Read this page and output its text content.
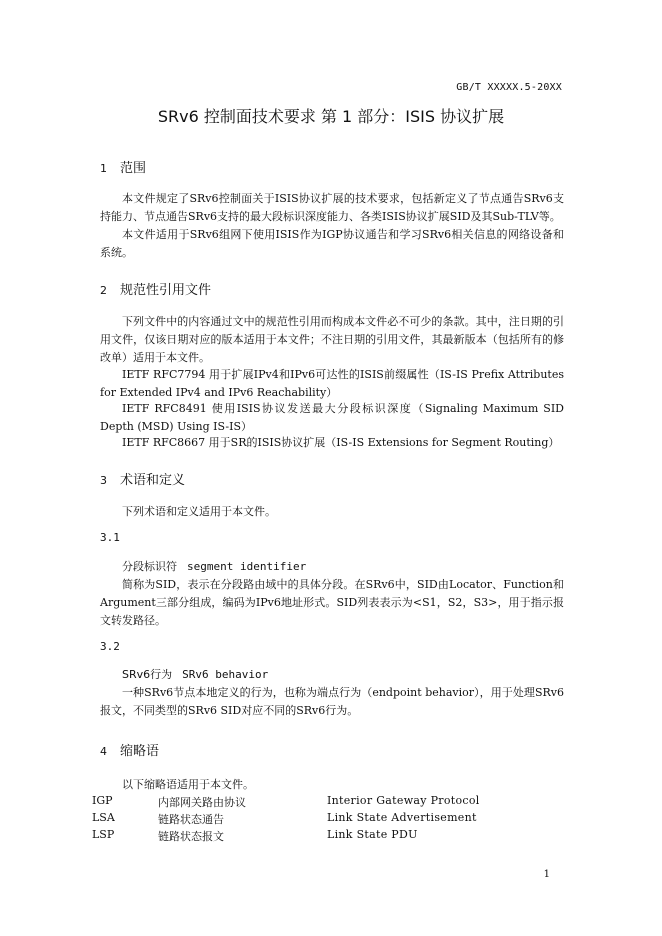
GB/T XXXXX.5-20XX
SRv6 控制面技术要求 第 1 部分：ISIS 协议扩展
1 范围
本文件规定了SRv6控制面关于ISIS协议扩展的技术要求，包括新定义了节点通告SRv6支持能力、节点通告SRv6支持的最大段标识深度能力、各类ISIS协议扩展SID及其Sub-TLV等。
本文件适用于SRv6组网下使用ISIS作为IGP协议通告和学习SRv6相关信息的网络设备和系统。
2 规范性引用文件
下列文件中的内容通过文中的规范性引用而构成本文件必不可少的条款。其中，注日期的引用文件，仅该日期对应的版本适用于本文件；不注日期的引用文件，其最新版本（包括所有的修改单）适用于本文件。
IETF RFC7794 用于扩展IPv4和IPv6可达性的ISIS前缀属性（IS-IS Prefix Attributes for Extended IPv4 and IPv6 Reachability）
IETF RFC8491 使用ISIS协议发送最大分段标识深度（Signaling Maximum SID Depth (MSD) Using IS-IS）
IETF RFC8667 用于SR的ISIS协议扩展（IS-IS Extensions for Segment Routing）
3 术语和定义
下列术语和定义适用于本文件。
3.1
分段标识符 segment identifier
简称为SID，表示在分段路由域中的具体分段。在SRv6中，SID由Locator、Function和Argument三部分组成，编码为IPv6地址形式。SID列表表示为<S1，S2，S3>，用于指示报文转发路径。
3.2
SRv6行为 SRv6 behavior
一种SRv6节点本地定义的行为，也称为端点行为（endpoint behavior），用于处理SRv6报文，不同类型的SRv6 SID对应不同的SRv6行为。
4 缩略语
以下缩略语适用于本文件。
IGP	内部网关路由协议	Interior Gateway Protocol
LSA	链路状态通告	Link State Advertisement
LSP	链路状态报文	Link State PDU
1
